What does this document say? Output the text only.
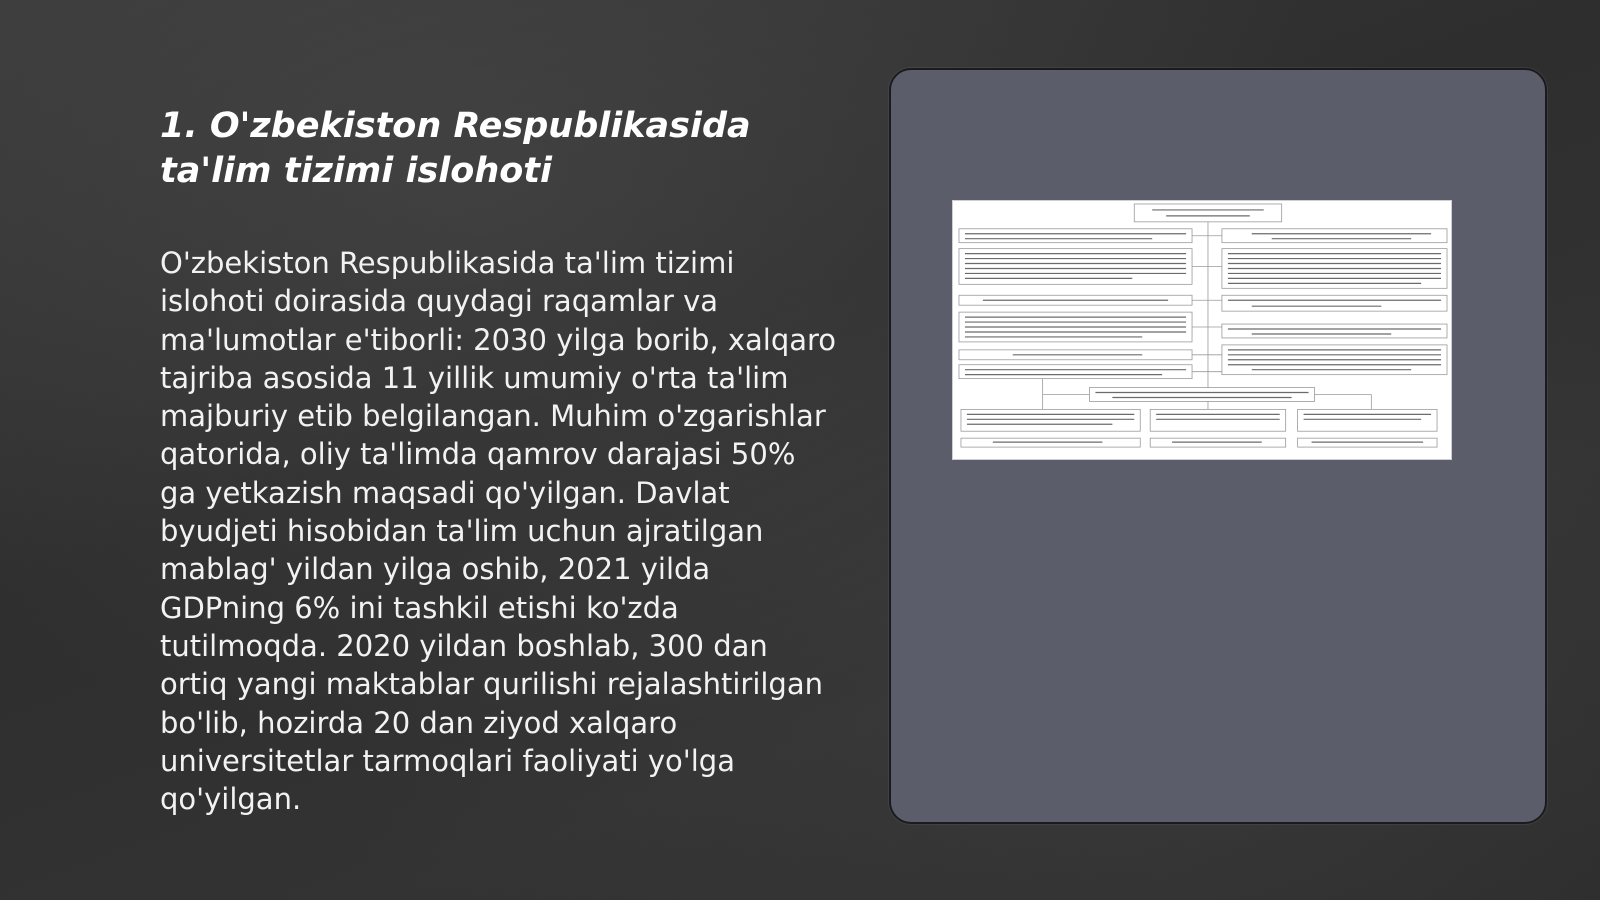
1. O'zbekiston Respublikasida ta'lim tizimi islohoti

O'zbekiston Respublikasida ta'lim tizimi islohoti doirasida quydagi raqamlar va ma'lumotlar e'tiborli: 2030 yilga borib, xalqaro tajriba asosida 11 yillik umumiy o'rta ta'lim majburiy etib belgilangan. Muhim o'zgarishlar qatorida, oliy ta'limda qamrov darajasi 50% ga yetkazish maqsadi qo'yilgan. Davlat byudjeti hisobidan ta'lim uchun ajratilgan mablag' yildan yilga oshib, 2021 yilda GDPning 6% ini tashkil etishi ko'zda tutilmoqda. 2020 yildan boshlab, 300 dan ortiq yangi maktablar qurilishi rejalashtirilgan bo'lib, hozirda 20 dan ziyod xalqaro universitetlar tarmoqlari faoliyati yo'lga qo'yilgan.
